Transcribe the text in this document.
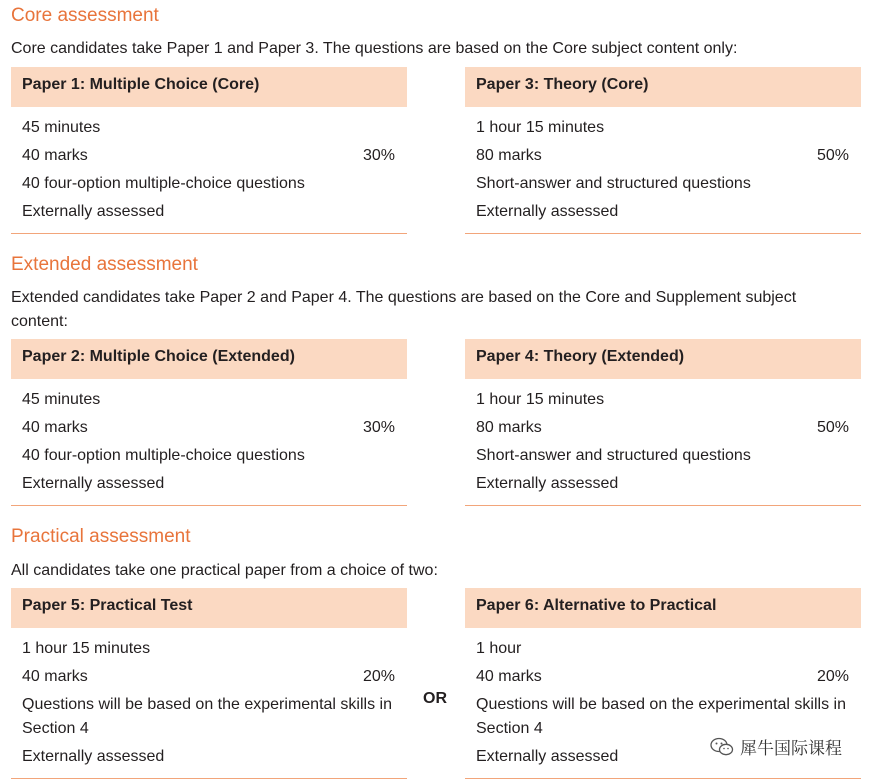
Core assessment

Core candidates take Paper 1 and Paper 3. The questions are based on the Core subject content only:

Paper 1: Multiple Choice (Core)
45 minutes
40 marks	30%
40 four-option multiple-choice questions
Externally assessed
Paper 3: Theory (Core)
1 hour 15 minutes
80 marks	50%
Short-answer and structured questions
Externally assessed
Extended assessment

Extended candidates take Paper 2 and Paper 4. The questions are based on the Core and Supplement subject content:

Paper 2: Multiple Choice (Extended)
45 minutes
40 marks	30%
40 four-option multiple-choice questions
Externally assessed
Paper 4: Theory (Extended)
1 hour 15 minutes
80 marks	50%
Short-answer and structured questions
Externally assessed
Practical assessment

All candidates take one practical paper from a choice of two:

Paper 5: Practical Test
1 hour 15 minutes
40 marks	20%
Questions will be based on the experimental skills in Section 4
Externally assessed
OR
Paper 6: Alternative to Practical
1 hour
40 marks	20%
Questions will be based on the experimental skills in Section 4
Externally assessed	犀牛国际课程
